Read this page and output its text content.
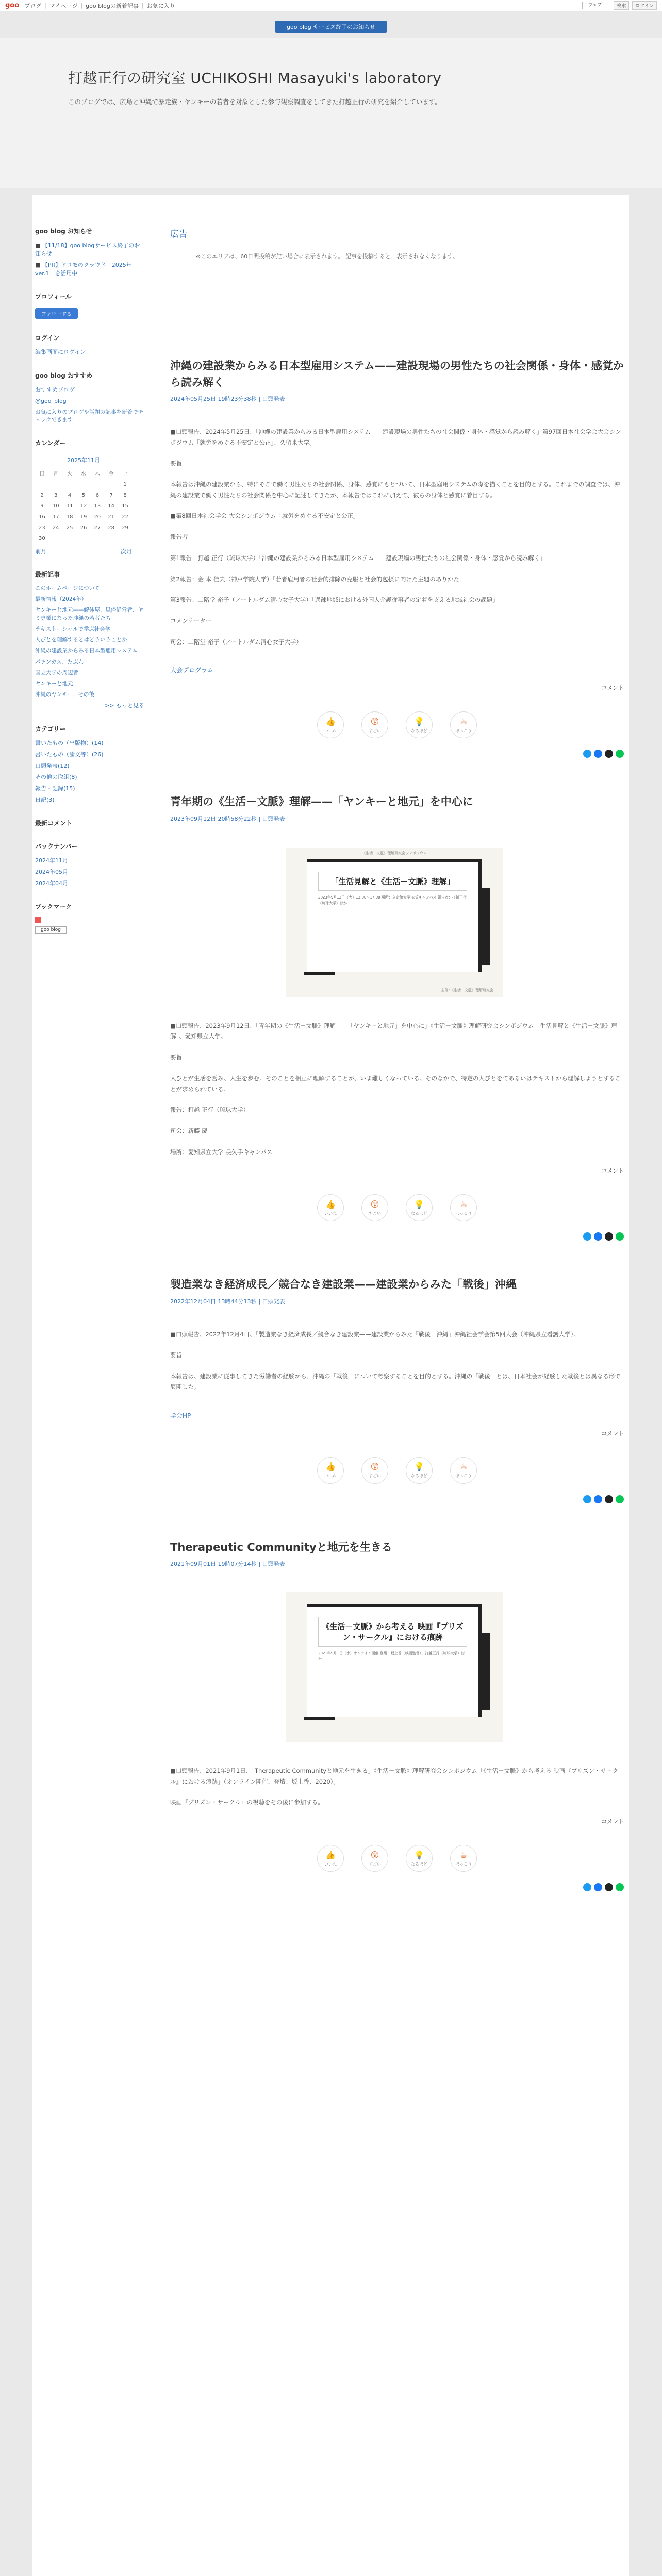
goo ブログ | マイページ | goo blogの新着記事 | お気に入り	ウェブ	検索	ログイン
goo blog サービス終了のお知らせ
打越正行の研究室 UCHIKOSHI Masayuki's laboratory

このブログでは、広島と沖縄で暴走族・ヤンキーの若者を対象とした参与観察調査をしてきた打越正行の研究を紹介しています。

goo blog お知らせ
■ 【11/18】goo blogサービス終了のお知らせ
■ 【PR】ドコモのクラウド「2025年 ver.1」を活用中
プロフィール
フォローする
ログイン
編集画面にログイン
goo blog おすすめ
おすすめブログ
@goo_blog
お気に入りのブログや話題の記事を新着でチェックできます
カレンダー
2025年11月						
日	月	火	水	木	金	土
						1
2	3	4	5	6	7	8
9	10	11	12	13	14	15
16	17	18	19	20	21	22
23	24	25	26	27	28	29
30						
前月	次月
最新記事
このホームページについて
最新情報（2024年）
ヤンキーと地元——解体屋、風俗経営者、ヤミ専業になった沖縄の若者たち
テキストーシャルで学ぶ社会学
人びとを理解するとはどういうことか
沖縄の建設業からみる日本型雇用システム
パチンカス、たぶん
国立大学の周辺者
ヤンキーと地元
沖縄のヤンキー、その後
>> もっと見る
カテゴリー
書いたもの（出版物）(14)
書いたもの（論文等）(26)
口頭発表(12)
その他の取組(8)
報告・記録(15)
日記(3)
最新コメント
バックナンバー
2024年11月
2024年05月
2024年04月
ブックマーク
goo blog
広告
※このエリアは、60日間投稿が無い場合に表示されます。 記事を投稿すると、表示されなくなります。
沖縄の建設業からみる日本型雇用システム——建設現場の男性たちの社会関係・身体・感覚から読み解く
2024年05月25日 19時23分38秒 | 口頭発表

■口頭報告、2024年5月25日、「沖縄の建設業からみる日本型雇用システム——建設現場の男性たちの社会関係・身体・感覚から読み解く」第97回日本社会学会大会シンポジウム「就労をめぐる不安定と公正」、久留米大学。

要旨

本報告は沖縄の建設業から、特にそこで働く男性たちの社会関係、身体、感覚にもとづいて、日本型雇用システムの際を描くことを目的とする。これまでの調査では、沖縄の建設業で働く男性たちの社会関係を中心に記述してきたが、本報告ではこれに加えて、彼らの身体と感覚に着目する。

■第8回日本社会学会 大会シンポジウム「就労をめぐる不安定と公正」

報告者

第1報告：打越 正行（琉球大学）「沖縄の建設業からみる日本型雇用システム——建設現場の男性たちの社会関係・身体・感覚から読み解く」

第2報告：金 本 佳夫（神戸学院大学）「若者雇用者の社会的排除の克服と社会的包摂に向けた主題のありかた」

第3報告：二階堂 裕子（ノートルダム清心女子大学）「過疎地域における外国人介護従事者の定着を支える地域社会の課題」

コメンテーター

司会：二階堂 裕子（ノートルダム清心女子大学）

大会プログラム
コメント
👍
いいね
😲
すごい
💡
なるほど
☕
ほっこり
青年期の《生活－文脈》理解——「ヤンキーと地元」を中心に
2023年09月12日 20時58分22秒 | 口頭発表
《生活－文脈》理解研究会シンポジウム
「生活見解と《生活－文脈》理解」
2023年9月12日（火）13:00〜17:00 場所：立命館大学 衣笠キャンパス 報告者：打越正行（琉球大学）ほか
主催：《生活－文脈》理解研究会

■口頭報告、2023年9月12日、「青年期の《生活－文脈》理解——「ヤンキーと地元」を中心に」《生活－文脈》理解研究会シンポジウム「生活見解と《生活－文脈》理解」、愛知県立大学。

要旨

人びとが生活を営み、人生を歩む。そのことを相互に理解することが、いま難しくなっている。そのなかで、特定の人びとをてあるいはテキストから理解しようとすることが求められている。

報告：打越 正行（琉球大学）

司会：新藤 慶

場所：愛知県立大学 長久手キャンパス

コメント
👍
いいね
😲
すごい
💡
なるほど
☕
ほっこり
製造業なき経済成長／競合なき建設業——建設業からみた「戦後」沖縄
2022年12月04日 13時44分13秒 | 口頭発表

■口頭報告、2022年12月4日、「製造業なき経済成長／競合なき建設業——建設業からみた『戦後』沖縄」沖縄社会学会第5回大会（沖縄県立看護大学）。

要旨

本報告は、建設業に従事してきた労働者の経験から、沖縄の「戦後」について考察することを目的とする。沖縄の「戦後」とは、日本社会が経験した戦後とは異なる形で展開した。

学会HP
コメント
👍
いいね
😲
すごい
💡
なるほど
☕
ほっこり
Therapeutic Communityと地元を生きる
2021年09月01日 19時07分14秒 | 口頭発表
《生活－文脈》から考える 映画『プリズン・サークル』における痕跡
2021年9月1日（水）オンライン開催 登壇：坂上香（映画監督）、打越正行（琉球大学）ほか

■口頭報告、2021年9月1日、「Therapeutic Communityと地元を生きる」《生活－文脈》理解研究会シンポジウム「《生活－文脈》から考える 映画『プリズン・サークル』における痕跡」（オンライン開催、登壇：坂上香、2020）。

映画『プリズン・サークル』の視聴をその後に参加する。

コメント
👍
いいね
😲
すごい
💡
なるほど
☕
ほっこり
